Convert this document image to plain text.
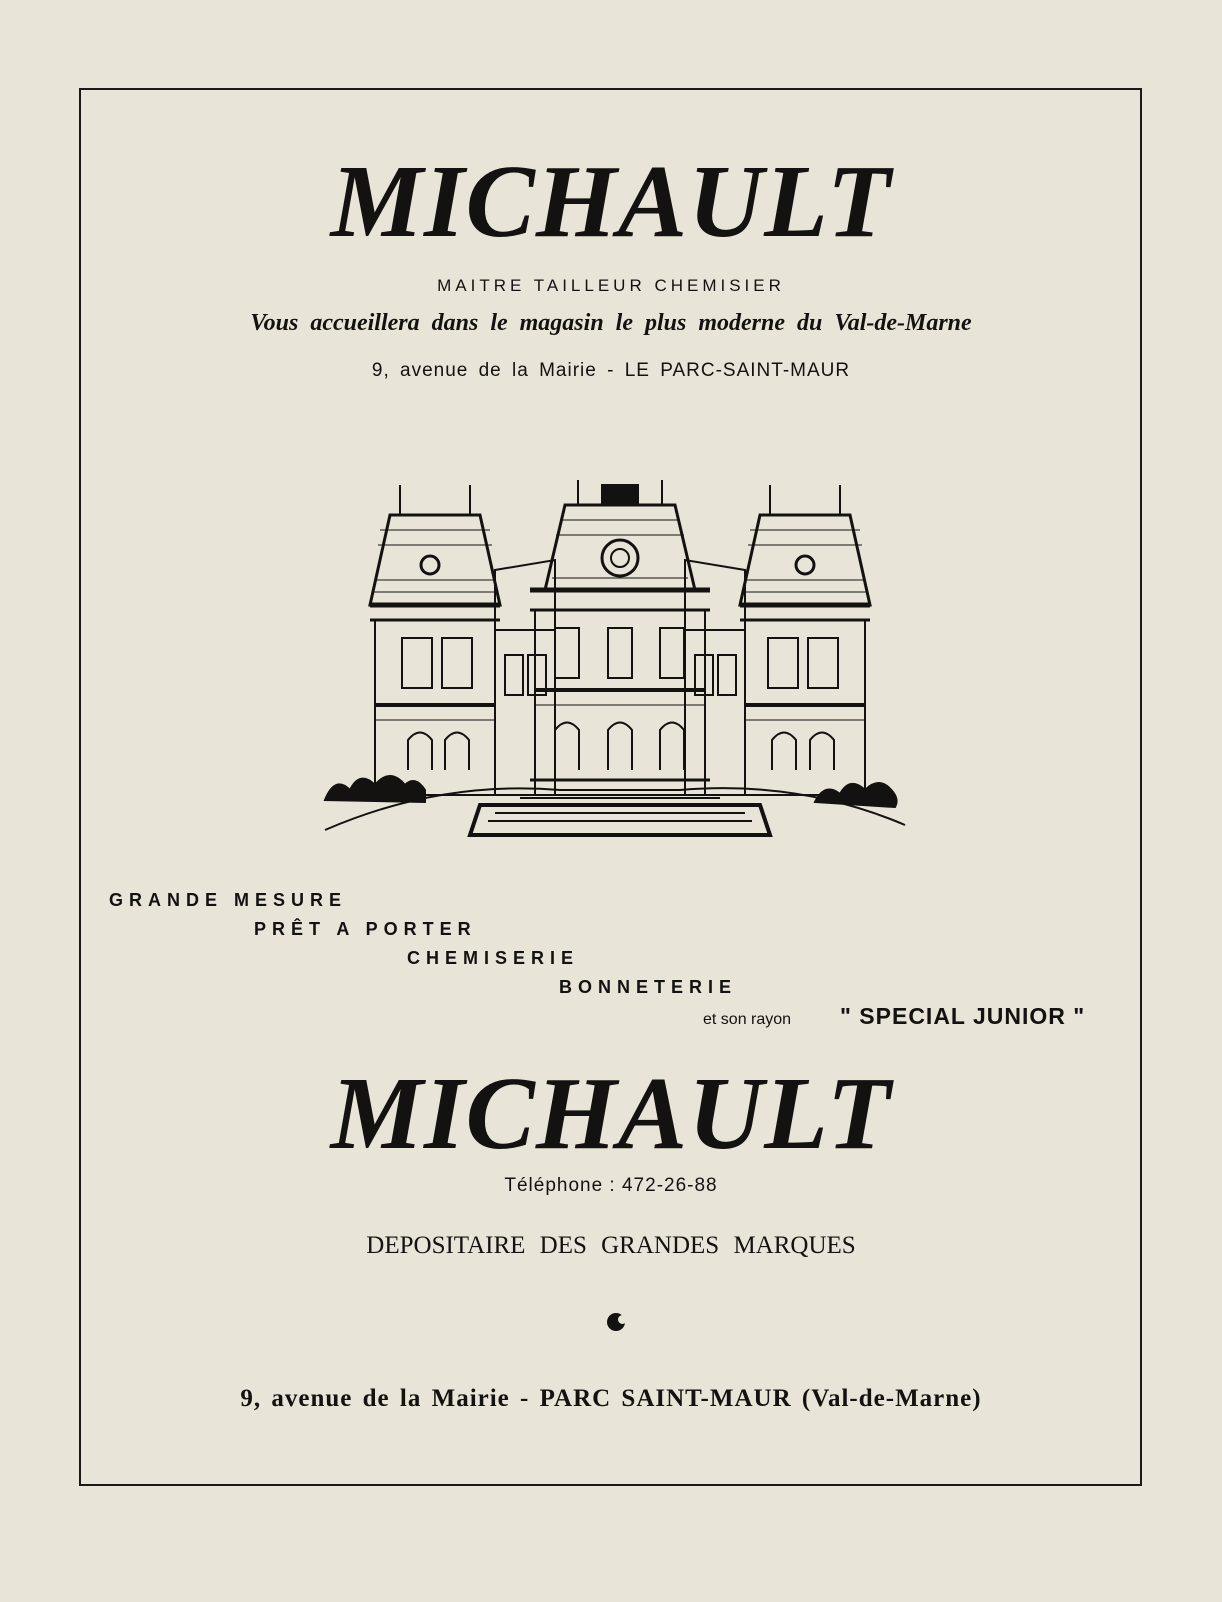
MICHAULT
MAITRE TAILLEUR CHEMISIER
Vous accueillera dans le magasin le plus moderne du Val-de-Marne
9, avenue de la Mairie - LE PARC-SAINT-MAUR
GRANDE MESURE
PRÊT A PORTER
CHEMISERIE
BONNETERIE
et son rayon " SPECIAL JUNIOR "
MICHAULT
Téléphone : 472-26-88
DEPOSITAIRE DES GRANDES MARQUES
9, avenue de la Mairie - PARC SAINT-MAUR (Val-de-Marne)
